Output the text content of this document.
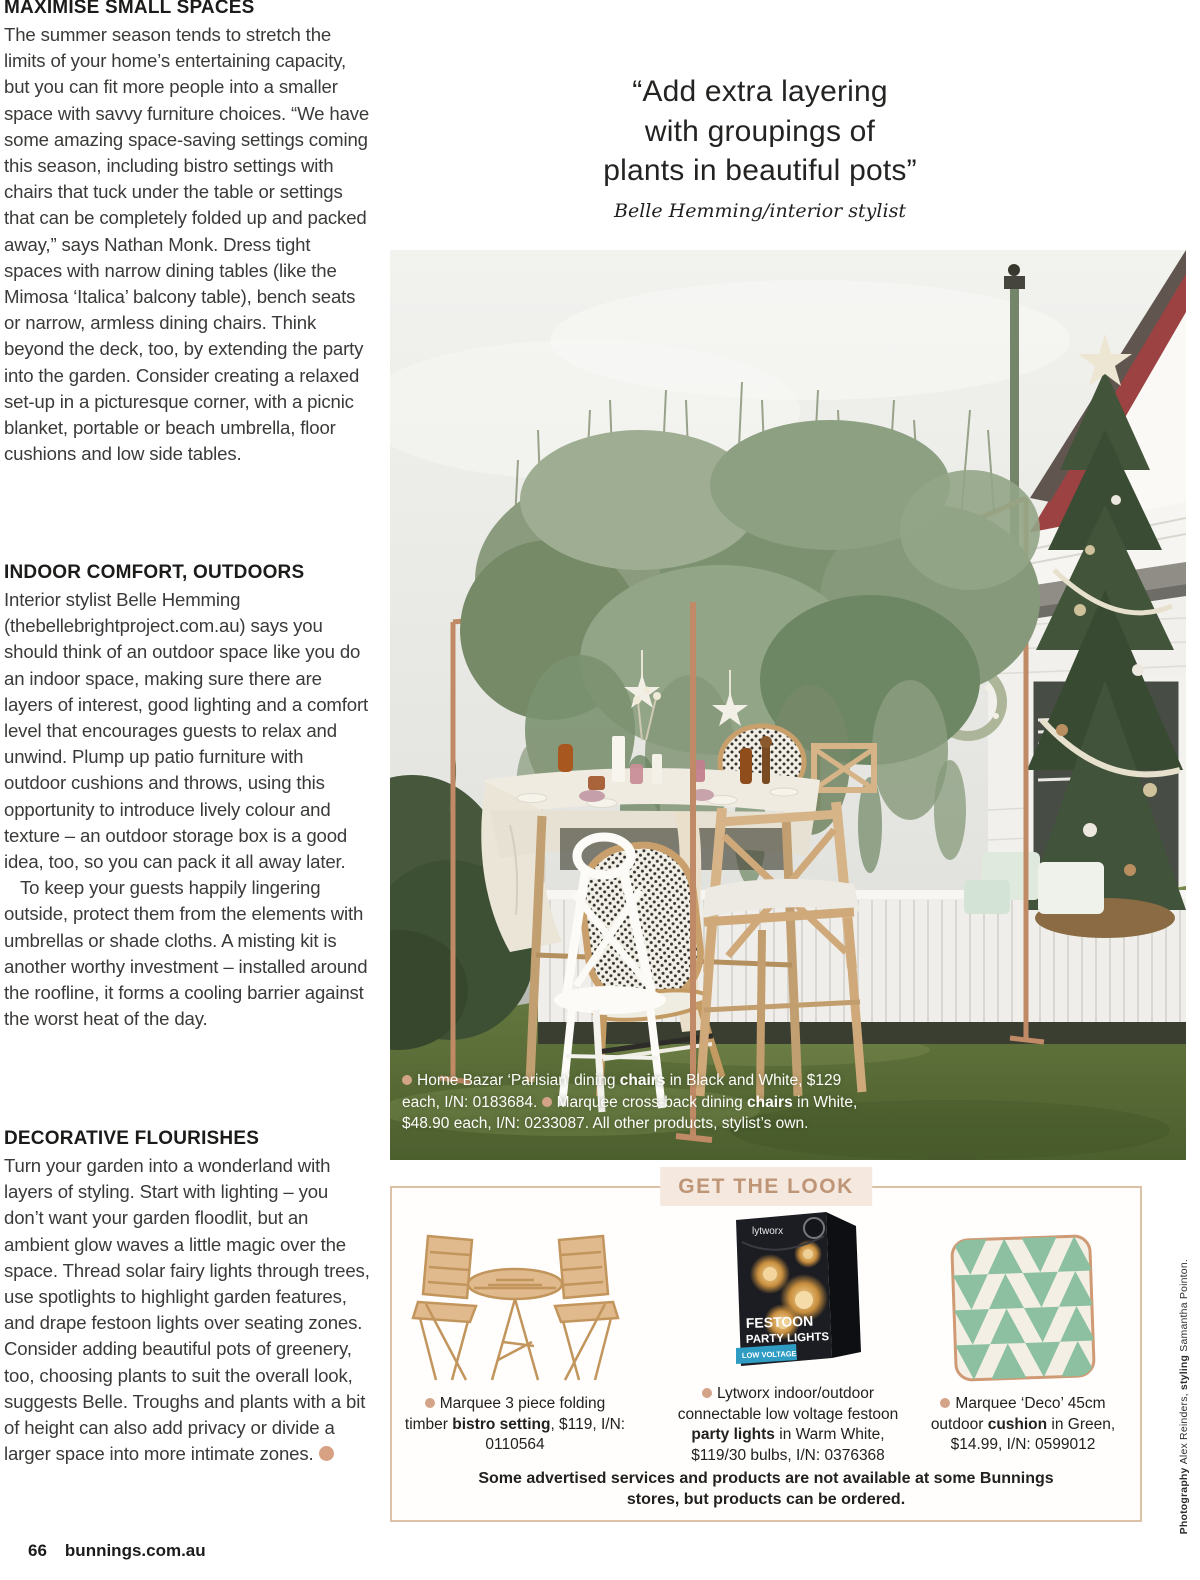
MAXIMISE SMALL SPACES

The summer season tends to stretch the limits of your home’s entertaining capacity, but you can fit more people into a smaller space with savvy furniture choices. “We have some amazing space-saving settings coming this season, including bistro settings with chairs that tuck under the table or settings that can be completely folded up and packed away,” says Nathan Monk. Dress tight spaces with narrow dining tables (like the Mimosa ‘Italica’ balcony table), bench seats or narrow, armless dining chairs. Think beyond the deck, too, by extending the party into the garden. Consider creating a relaxed set-up in a picturesque corner, with a picnic blanket, portable or beach umbrella, floor cushions and low side tables.

INDOOR COMFORT, OUTDOORS

Interior stylist Belle Hemming (thebellebrightproject.com.au) says you should think of an outdoor space like you do an indoor space, making sure there are layers of interest, good lighting and a comfort level that encourages guests to relax and unwind. Plump up patio furniture with outdoor cushions and throws, using this opportunity to introduce lively colour and texture – an outdoor storage box is a good idea, too, so you can pack it all away later.

To keep your guests happily lingering outside, protect them from the elements with umbrellas or shade cloths. A misting kit is another worthy investment – installed around the roofline, it forms a cooling barrier against the worst heat of the day.

DECORATIVE FLOURISHES

Turn your garden into a wonderland with layers of styling. Start with lighting – you don’t want your garden floodlit, but an ambient glow waves a little magic over the space. Thread solar fairy lights through trees, use spotlights to highlight garden features, and drape festoon lights over seating zones. Consider adding beautiful pots of greenery, too, choosing plants to suit the overall look, suggests Belle. Troughs and plants with a bit of height can also add privacy or divide a larger space into more intimate zones.

66 bunnings.com.au
“Add extra layering
with groupings of
plants in beautiful pots”
Belle Hemming/interior stylist
Home Bazar ‘Parisian’ dining chairs in Black and White, $129 each, I/N: 0183684. Marquee cross-back dining chairs in White, $48.90 each, I/N: 0233087. All other products, stylist’s own.
GET THE LOOK

Marquee 3 piece folding timber bistro setting, $119, I/N: 0110564

lytworx
FESTOON
PARTY LIGHTS
LOW VOLTAGE

Lytworx indoor/outdoor connectable low voltage festoon party lights in Warm White, $119/30 bulbs, I/N: 0376368

Marquee ‘Deco’ 45cm outdoor cushion in Green, $14.99, I/N: 0599012

Some advertised services and products are not available at some Bunnings stores, but products can be ordered.	Photography Alex Reinders, styling Samantha Pointon.
